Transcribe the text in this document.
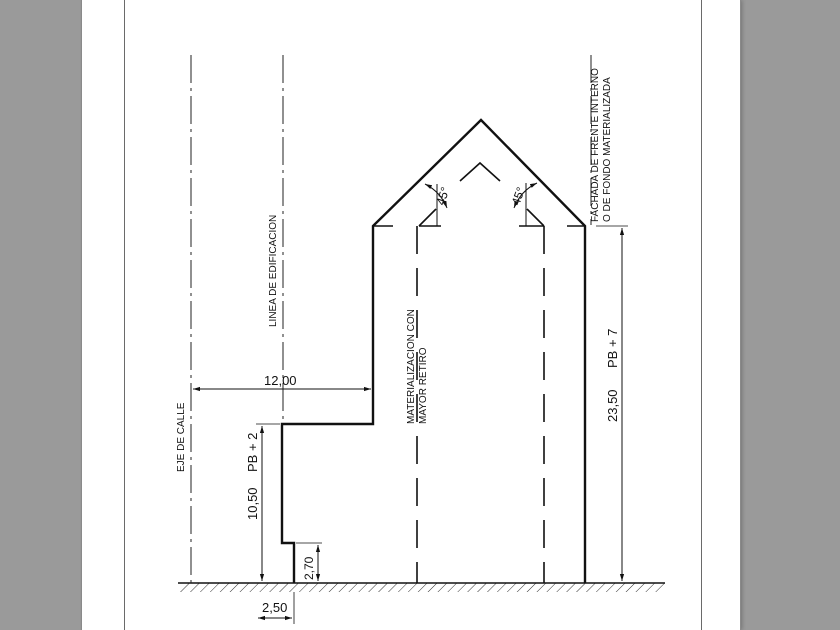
45°	45°
12,00
10,50
PB + 2
2,70
2,50
23,50
PB + 7
LINEA DE EDIFICACION
EJE DE CALLE
FACHADA DE FRENTE INTERNO O DE FONDO MATERIALIZADA
MATERIALIZACION CON MAYOR RETIRO
